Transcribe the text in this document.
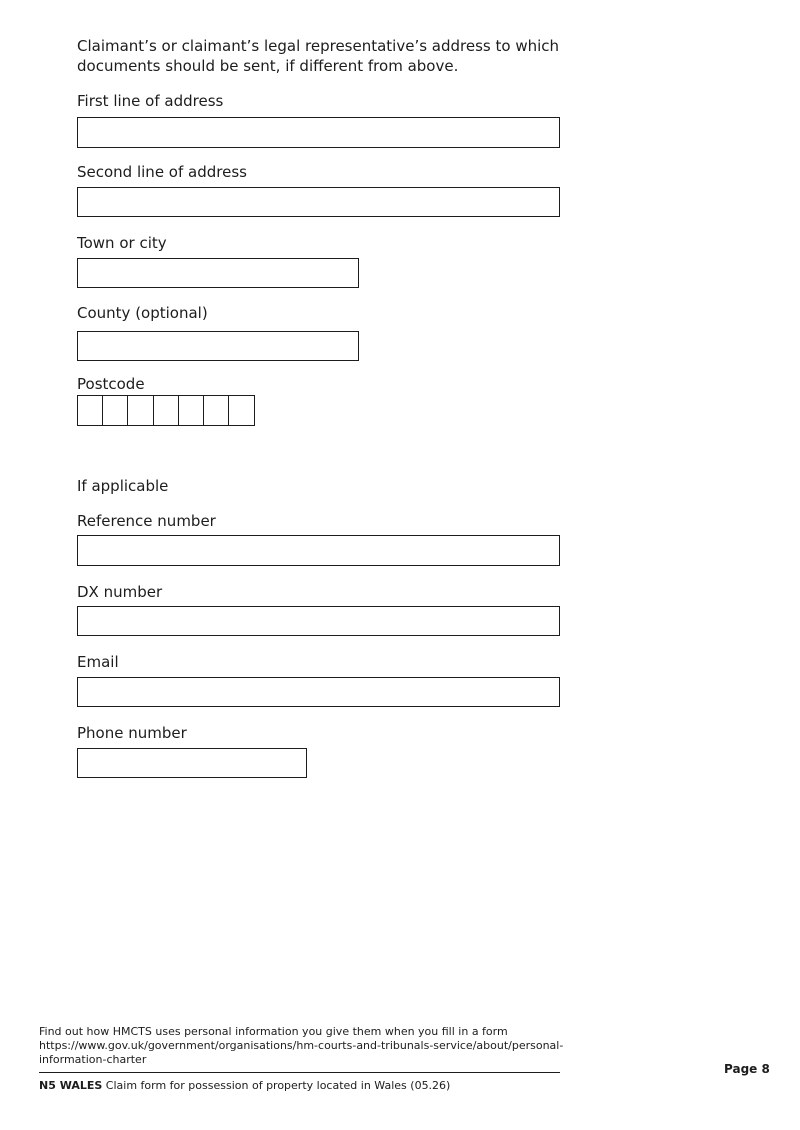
Claimant’s or claimant’s legal representative’s address to which documents should be sent, if different from above.
First line of address
Second line of address
Town or city
County (optional)
Postcode
If applicable
Reference number
DX number
Email
Phone number
Find out how HMCTS uses personal information you give them when you fill in a form
https://www.gov.uk/government/organisations/hm-courts-and-tribunals-service/about/personal-
information-charter
N5 WALES Claim form for possession of property located in Wales (05.26)
Page 8
